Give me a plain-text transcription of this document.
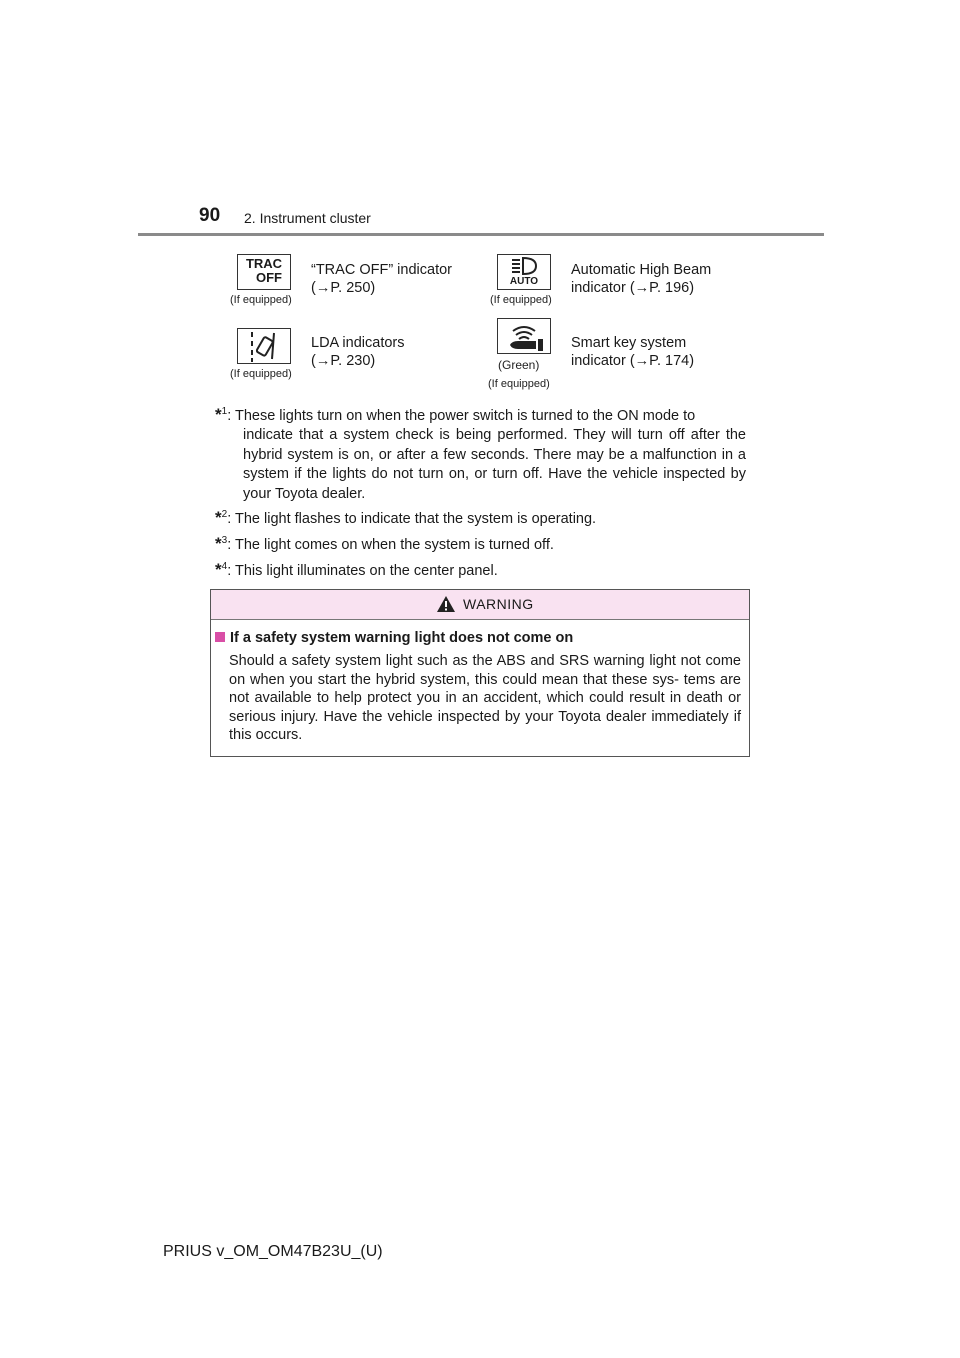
90 2. Instrument cluster
TRAC
OFF
(If equipped)
“TRAC OFF” indicator
(→P. 250)	AUTO
(If equipped)
Automatic High Beam
indicator (→P. 196)
(If equipped)
LDA indicators
(→P. 230)	(Green)
(If equipped)
Smart key system
indicator (→P. 174)
*$^1$: These lights turn on when the power switch is turned to the ON mode to
indicate that a system check is being performed. They will turn off after the hybrid system is on, or after a few seconds. There may be a malfunction in a system if the lights do not turn on, or turn off. Have the vehicle inspected by your Toyota dealer.
*$^2$: The light flashes to indicate that the system is operating.
*$^3$: The light comes on when the system is turned off.
*$^4$: This light illuminates on the center panel.
WARNING
If a safety system warning light does not come on
Should a safety system light such as the ABS and SRS warning light not come on when you start the hybrid system, this could mean that these sys- tems are not available to help protect you in an accident, which could result in death or serious injury. Have the vehicle inspected by your Toyota dealer immediately if this occurs.
PRIUS v_OM_OM47B23U_(U)
